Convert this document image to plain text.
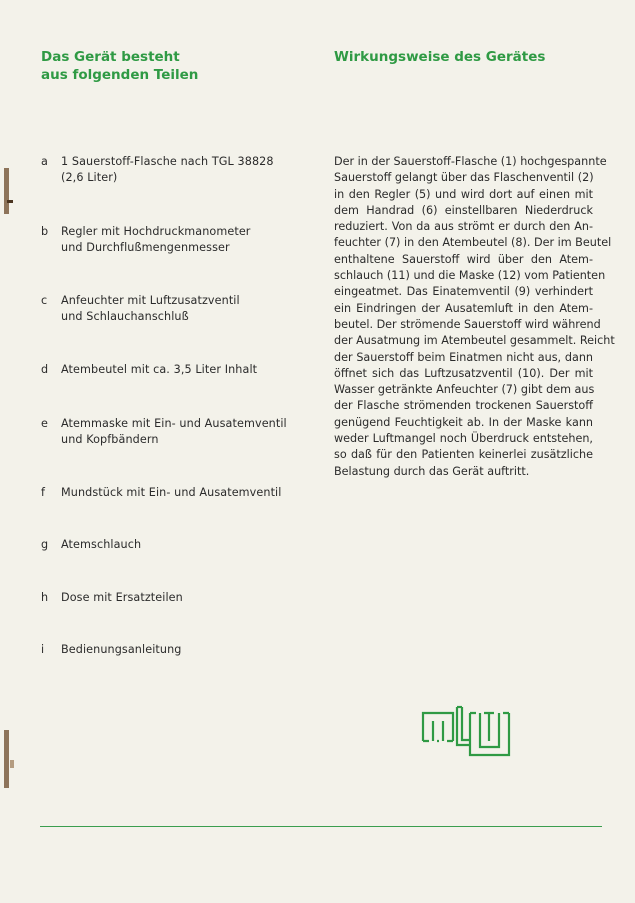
Das Gerät besteht
aus folgenden Teilen
Wirkungsweise des Gerätes
a	1 Sauerstoff-Flasche nach TGL 38828
(2,6 Liter)
b	Regler mit Hochdruckmanometer
und Durchflußmengenmesser
c	Anfeuchter mit Luftzusatzventil
und Schlauchanschluß
d	Atembeutel mit ca. 3,5 Liter Inhalt
e	Atemmaske mit Ein- und Ausatemventil
und Kopfbändern
f	Mundstück mit Ein- und Ausatemventil
g	Atemschlauch
h	Dose mit Ersatzteilen
i	Bedienungsanleitung
Der in der Sauerstoff-Flasche (1) hochgespannte
Sauerstoff gelangt über das Flaschenventil (2)
in den Regler (5) und wird dort auf einen mit
dem Handrad (6) einstellbaren Niederdruck
reduziert. Von da aus strömt er durch den An-
feuchter (7) in den Atembeutel (8). Der im Beutel
enthaltene Sauerstoff wird über den Atem-
schlauch (11) und die Maske (12) vom Patienten
eingeatmet. Das Einatemventil (9) verhindert
ein Eindringen der Ausatemluft in den Atem-
beutel. Der strömende Sauerstoff wird während
der Ausatmung im Atembeutel gesammelt. Reicht
der Sauerstoff beim Einatmen nicht aus, dann
öffnet sich das Luftzusatzventil (10). Der mit
Wasser getränkte Anfeuchter (7) gibt dem aus
der Flasche strömenden trockenen Sauerstoff
genügend Feuchtigkeit ab. In der Maske kann
weder Luftmangel noch Überdruck entstehen,
so daß für den Patienten keinerlei zusätzliche
Belastung durch das Gerät auftritt.
